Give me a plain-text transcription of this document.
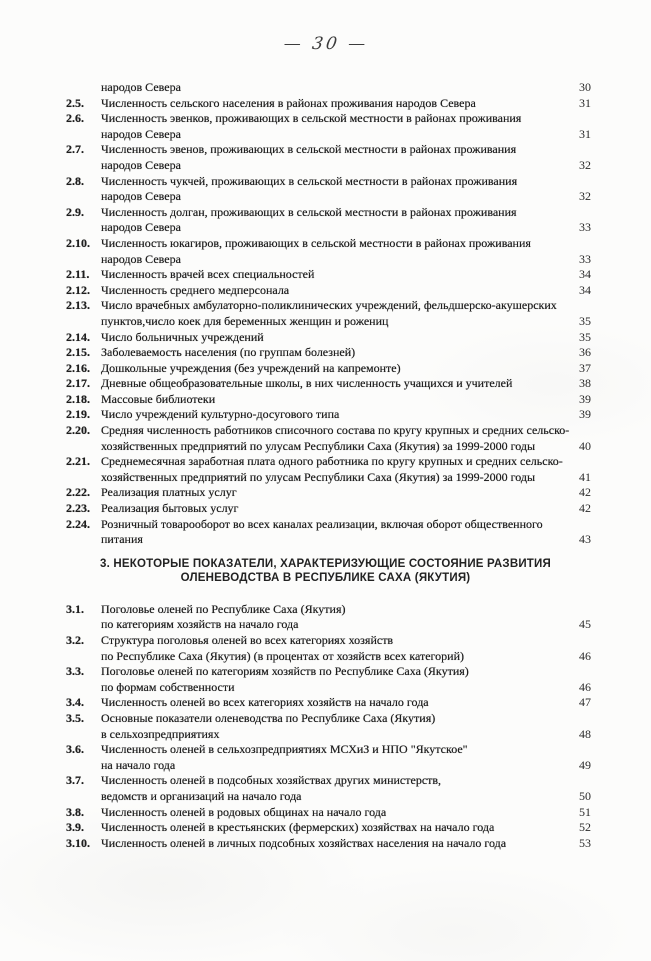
— 30 —
народов Севера	30
2.5.	Численность сельского населения в районах проживания народов Севера	31
2.6.	Численность эвенков, проживающих в сельской местности в районах проживания
народов Севера	31
2.7.	Численность эвенов, проживающих в сельской местности в районах проживания
народов Севера	32
2.8.	Численность чукчей, проживающих в сельской местности в районах проживания
народов Севера	32
2.9.	Численность долган, проживающих в сельской местности в районах проживания
народов Севера	33
2.10. Численность юкагиров, проживающих в сельской местности в районах проживания
народов Севера	33
2.11. Численность врачей всех специальностей	34
2.12. Численность среднего медперсонала	34
2.13. Число врачебных амбулаторно-поликлинических учреждений, фельдшерско-акушерских
пунктов,число коек для беременных женщин и рожениц	35
2.14. Число больничных учреждений	35
2.15. Заболеваемость населения (по группам болезней)	36
2.16. Дошкольные учреждения (без учреждений на капремонте)	37
2.17. Дневные общеобразовательные школы, в них численность учащихся и учителей	38
2.18. Массовые библиотеки	39
2.19. Число учреждений культурно-досугового типа	39
2.20. Средняя численность работников списочного состава по кругу крупных и средних сельско-
хозяйственных предприятий по улусам Республики Саха (Якутия) за 1999-2000 годы	40
2.21. Среднемесячная заработная плата одного работника по кругу крупных и средних сельско-
хозяйственных предприятий по улусам Республики Саха (Якутия) за 1999-2000 годы	41
2.22. Реализация платных услуг	42
2.23. Реализация бытовых услуг	42
2.24. Розничный товарооборот во всех каналах реализации, включая оборот общественного
питания	43
3. НЕКОТОРЫЕ ПОКАЗАТЕЛИ, ХАРАКТЕРИЗУЮЩИЕ СОСТОЯНИЕ РАЗВИТИЯ
ОЛЕНЕВОДСТВА В РЕСПУБЛИКЕ САХА (ЯКУТИЯ)
3.1.	Поголовье оленей по Республике Саха (Якутия)
по категориям хозяйств на начало года	45
3.2.	Структура поголовья оленей во всех категориях хозяйств
по Республике Саха (Якутия) (в процентах от хозяйств всех категорий)	46
3.3.	Поголовье оленей по категориям хозяйств по Республике Саха (Якутия)
по формам собственности	46
3.4.	Численность оленей во всех категориях хозяйств на начало года	47
3.5.	Основные показатели оленеводства по Республике Саха (Якутия)
в сельхозпредприятиях	48
3.6.	Численность оленей в сельхозпредприятиях МСХиЗ и НПО "Якутское"
на начало года	49
3.7.	Численность оленей в подсобных хозяйствах других министерств,
ведомств и организаций на начало года	50
3.8.	Численность оленей в родовых общинах на начало года	51
3.9.	Численность оленей в крестьянских (фермерских) хозяйствах на начало года	52
3.10. Численность оленей в личных подсобных хозяйствах населения на начало года	53
